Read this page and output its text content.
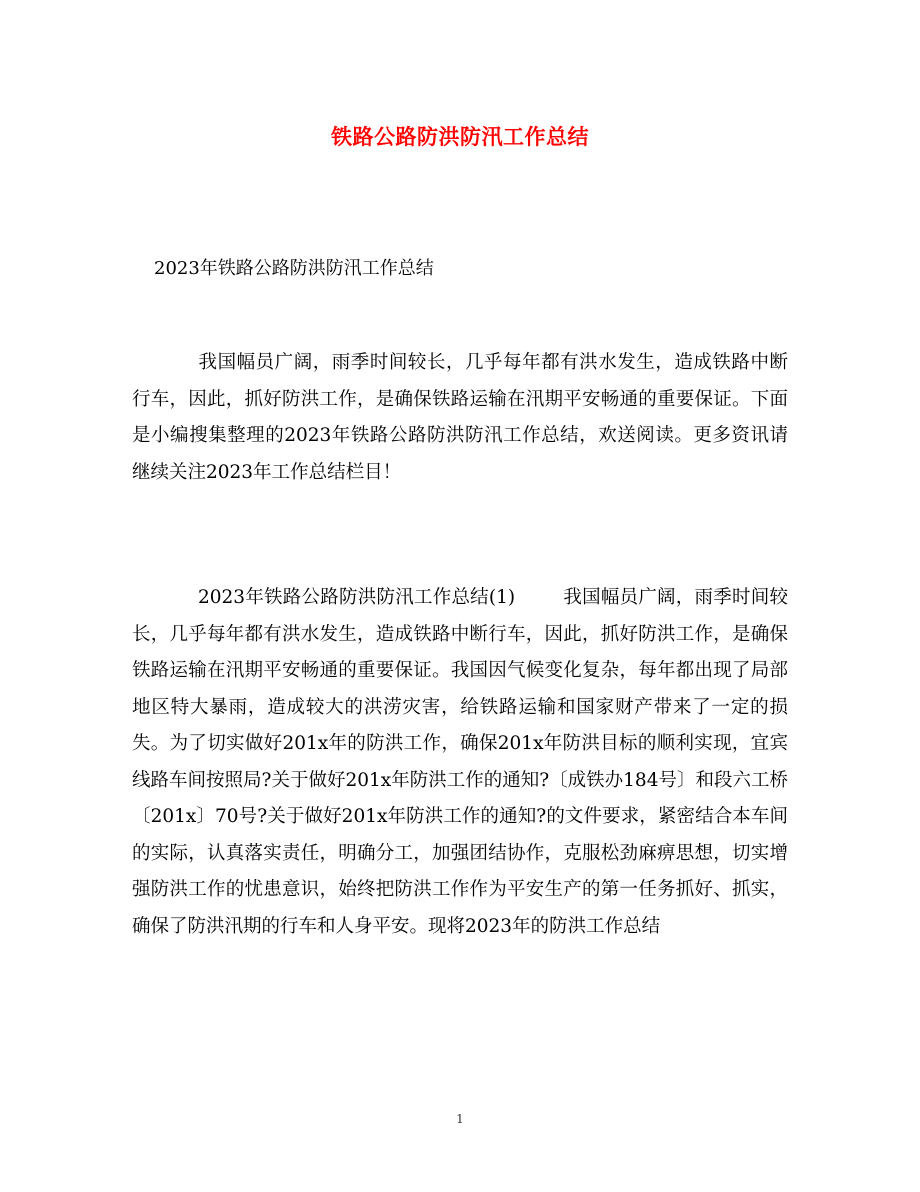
铁路公路防洪防汛工作总结
2023年铁路公路防洪防汛工作总结

我国幅员广阔，雨季时间较长，几乎每年都有洪水发生，造成铁路中断行车，因此，抓好防洪工作，是确保铁路运输在汛期平安畅通的重要保证。下面是小编搜集整理的2023年铁路公路防洪防汛工作总结，欢送阅读。更多资讯请继续关注2023年工作总结栏目！

2023年铁路公路防洪防汛工作总结(1)	我国幅员广阔，雨季时间较长，几乎每年都有洪水发生，造成铁路中断行车，因此，抓好防洪工作，是确保铁路运输在汛期平安畅通的重要保证。我国因气候变化复杂，每年都出现了局部地区特大暴雨，造成较大的洪涝灾害，给铁路运输和国家财产带来了一定的损失。为了切实做好201x年的防洪工作，确保201x年防洪目标的顺利实现，宜宾线路车间按照局?关于做好201x年防洪工作的通知?〔成铁办184号〕和段六工桥〔201x〕70号?关于做好201x年防洪工作的通知?的文件要求，紧密结合本车间的实际，认真落实责任，明确分工，加强团结协作，克服松劲麻痹思想，切实增强防洪工作的忧患意识，始终把防洪工作作为平安生产的第一任务抓好、抓实，确保了防洪汛期的行车和人身平安。现将2023年的防洪工作总结

1
